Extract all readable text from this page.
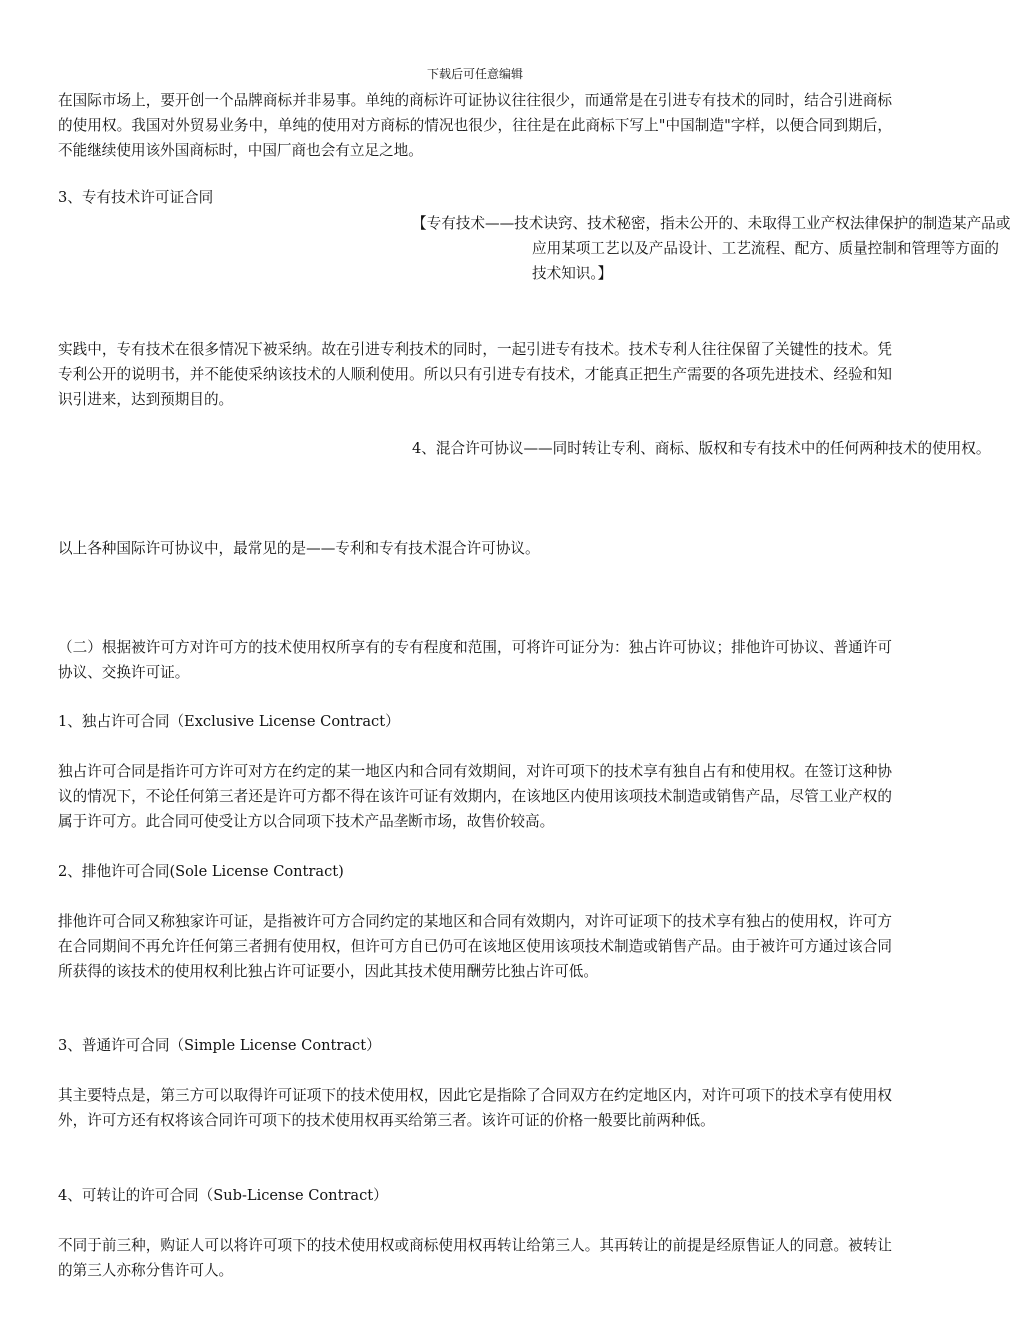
下载后可任意编辑

在国际市场上，要开创一个品牌商标并非易事。单纯的商标许可证协议往往很少，而通常是在引进专有技术的同时，结合引进商标的使用权。我国对外贸易业务中，单纯的使用对方商标的情况也很少，往往是在此商标下写上"中国制造"字样，以便合同到期后，不能继续使用该外国商标时，中国厂商也会有立足之地。

3、专有技术许可证合同

【专有技术——技术诀窍、技术秘密，指未公开的、未取得工业产权法律保护的制造某产品或应用某项工艺以及产品设计、工艺流程、配方、质量控制和管理等方面的技术知识。】

实践中，专有技术在很多情况下被采纳。故在引进专利技术的同时，一起引进专有技术。技术专利人往往保留了关键性的技术。凭专利公开的说明书，并不能使采纳该技术的人顺利使用。所以只有引进专有技术，才能真正把生产需要的各项先进技术、经验和知识引进来，达到预期目的。

4、混合许可协议——同时转让专利、商标、版权和专有技术中的任何两种技术的使用权。

以上各种国际许可协议中，最常见的是——专利和专有技术混合许可协议。

（二）根据被许可方对许可方的技术使用权所享有的专有程度和范围，可将许可证分为：独占许可协议；排他许可协议、普通许可协议、交换许可证。

1、独占许可合同（Exclusive License Contract）

独占许可合同是指许可方许可对方在约定的某一地区内和合同有效期间，对许可项下的技术享有独自占有和使用权。在签订这种协议的情况下，不论任何第三者还是许可方都不得在该许可证有效期内，在该地区内使用该项技术制造或销售产品，尽管工业产权的属于许可方。此合同可使受让方以合同项下技术产品垄断市场，故售价较高。

2、排他许可合同(Sole License Contract)

排他许可合同又称独家许可证，是指被许可方合同约定的某地区和合同有效期内，对许可证项下的技术享有独占的使用权，许可方在合同期间不再允许任何第三者拥有使用权，但许可方自已仍可在该地区使用该项技术制造或销售产品。由于被许可方通过该合同所获得的该技术的使用权利比独占许可证要小，因此其技术使用酬劳比独占许可低。

3、普通许可合同（Simple License Contract）

其主要特点是，第三方可以取得许可证项下的技术使用权，因此它是指除了合同双方在约定地区内，对许可项下的技术享有使用权外，许可方还有权将该合同许可项下的技术使用权再买给第三者。该许可证的价格一般要比前两种低。

4、可转让的许可合同（Sub-License Contract）

不同于前三种，购证人可以将许可项下的技术使用权或商标使用权再转让给第三人。其再转让的前提是经原售证人的同意。被转让的第三人亦称分售许可人。
